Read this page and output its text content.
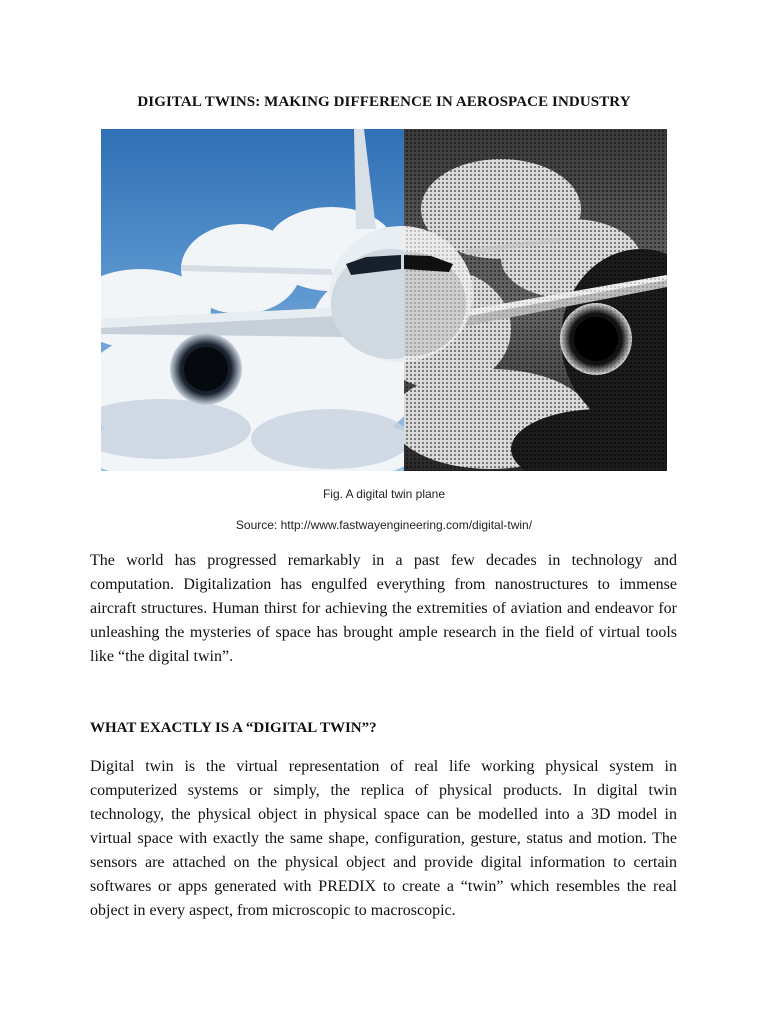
DIGITAL TWINS: MAKING DIFFERENCE IN AEROSPACE INDUSTRY
Fig. A digital twin plane
Source: http://www.fastwayengineering.com/digital-twin/

The world has progressed remarkably in a past few decades in technology and computation. Digitalization has engulfed everything from nanostructures to immense aircraft structures. Human thirst for achieving the extremities of aviation and endeavor for unleashing the mysteries of space has brought ample research in the field of virtual tools like “the digital twin”.

WHAT EXACTLY IS A “DIGITAL TWIN”?

Digital twin is the virtual representation of real life working physical system in computerized systems or simply, the replica of physical products. In digital twin technology, the physical object in physical space can be modelled into a 3D model in virtual space with exactly the same shape, configuration, gesture, status and motion. The sensors are attached on the physical object and provide digital information to certain softwares or apps generated with PREDIX to create a “twin” which resembles the real object in every aspect, from microscopic to macroscopic.
